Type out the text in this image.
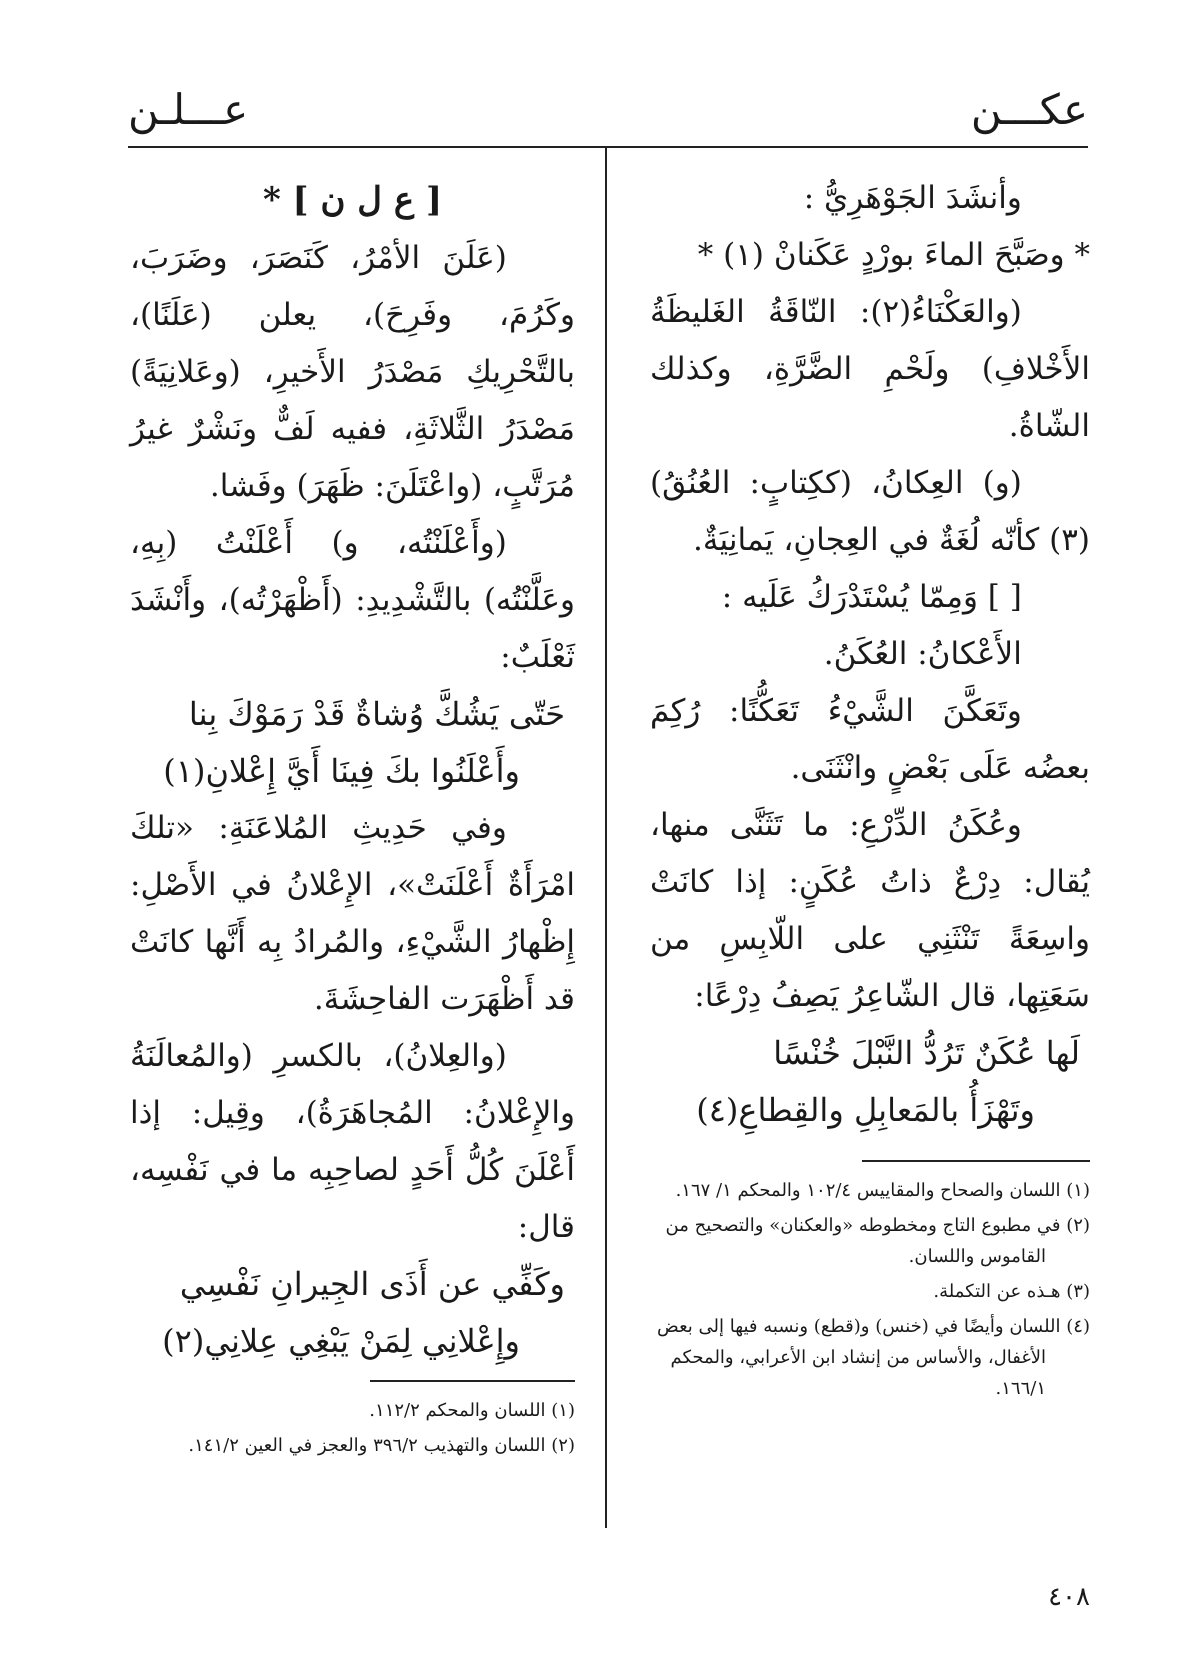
عـــلـن	عكـــن

وأنشَدَ الجَوْهَرِيُّ :

* وصَبَّحَ الماءَ بورْدٍ عَكَنانْ (١) *

(والعَكْنَاءُ(٢): النّاقَةُ الغَليظَةُ الأَخْلافِ) ولَحْمِ الضَّرَّةِ، وكذلك الشّاةُ.

(و) العِكانُ، (ككِتابٍ: العُنُقُ)(٣) كأنّه لُغَةٌ في العِجانِ، يَمانِيَةٌ.

[ ] وَمِمّا يُسْتَدْرَكُ عَلَيه :

الأَعْكانُ: العُكَنُ.

وتَعَكَّنَ الشَّيْءُ تَعَكُّنًا: رُكِمَ بعضُه عَلَى بَعْضٍ وانْثَنَى.

وعُكَنُ الدِّرْعِ: ما تَثَنَّى منها، يُقال: دِرْعٌ ذاتُ عُكَنٍ: إذا كانَتْ واسِعَةً تَنْثَنِي على اللّابِسِ من سَعَتِها، قال الشّاعِرُ يَصِفُ دِرْعًا:

لَها عُكَنٌ تَرُدُّ النَّبْلَ خُنْسًا

وتَهْزَأُ بالمَعابِلِ والقِطاعِ(٤)

(١) اللسان والصحاح والمقاييس ١٠٢/٤ والمحكم ١/ ١٦٧.

(٢) في مطبوع التاج ومخطوطه «والعكنان» والتصحيح من القاموس واللسان.

(٣) هـذه عن التكملة.

(٤) اللسان وأيضًا في (خنس) و(قطع) ونسبه فيها إلى بعض الأغفال، والأساس من إنشاد ابن الأعرابي، والمحكم ١٦٦/١.

[ ع ل ن ] *

(عَلَنَ الأمْرُ، كَنَصَرَ، وضَرَبَ، وكَرُمَ، وفَرِحَ)، يعلن (عَلَنًا)، بالتَّحْرِيكِ مَصْدَرُ الأَخيرِ، (وعَلانِيَةً) مَصْدَرُ الثَّلاثَةِ، ففيه لَفٌّ ونَشْرٌ غيرُ مُرَتَّبٍ، (واعْتَلَنَ: ظَهَرَ) وفَشا.

(وأَعْلَنْتُه، و) أَعْلَنْتُ (بِهِ، وعَلَّنْتُه) بالتَّشْدِيدِ: (أَظْهَرْتُه)، وأَنْشَدَ ثَعْلَبٌ:

حَتّى يَشُكَّ وُشاةٌ قَدْ رَمَوْكَ بِنا

وأَعْلَنُوا بكَ فِينَا أَيَّ إِعْلانِ(١)

وفي حَدِيثِ المُلاعَنَةِ: «تلكَ امْرَأَةٌ أَعْلَنَتْ»، الإِعْلانُ في الأَصْلِ: إِظْهارُ الشَّيْءِ، والمُرادُ بِه أَنَّها كانَتْ قد أَظْهَرَت الفاحِشَةَ.

(والعِلانُ)، بالكسرِ (والمُعالَنَةُ والإِعْلانُ: المُجاهَرَةُ)، وقِيل: إذا أَعْلَنَ كُلُّ أَحَدٍ لصاحِبِه ما في نَفْسِه، قال:

وكَفِّي عن أَذَى الجِيرانِ نَفْسِي

وإِعْلانِي لِمَنْ يَبْغِي عِلانِي(٢)

(١) اللسان والمحكم ١١٢/٢.

(٢) اللسان والتهذيب ٣٩٦/٢ والعجز في العين ١٤١/٢.

٤٠٨
